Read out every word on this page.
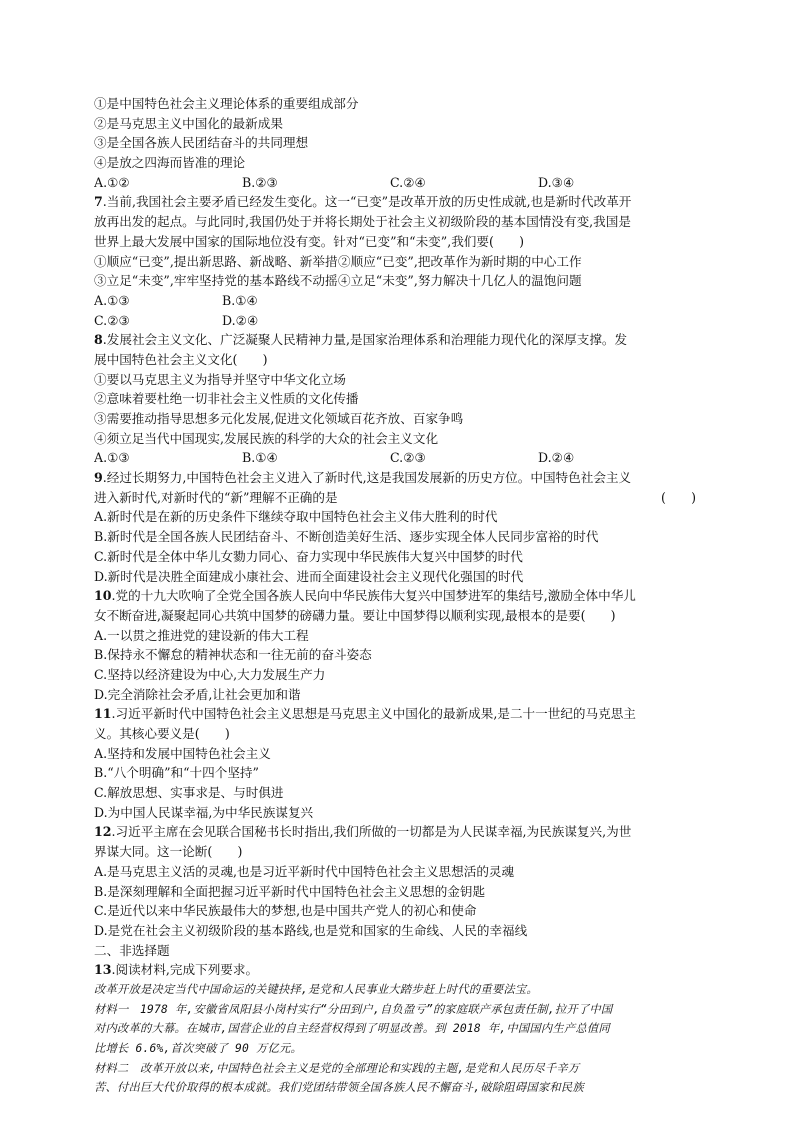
①是中国特色社会主义理论体系的重要组成部分
②是马克思主义中国化的最新成果
③是全国各族人民团结奋斗的共同理想
④是放之四海而皆准的理论
A.①②	B.②③	C.②④	D.③④
7.当前,我国社会主要矛盾已经发生变化。这一“已变”是改革开放的历史性成就,也是新时代改革开
放再出发的起点。与此同时,我国仍处于并将长期处于社会主义初级阶段的基本国情没有变,我国是
世界上最大发展中国家的国际地位没有变。针对“已变”和“未变”,我们要(　　)
①顺应“已变”,提出新思路、新战略、新举措 ②顺应“已变”,把改革作为新时期的中心工作
③立足“未变”,牢牢坚持党的基本路线不动摇 ④立足“未变”,努力解决十几亿人的温饱问题
A.①③	B.①④
C.②③	D.②④
8.发展社会主义文化、广泛凝聚人民精神力量,是国家治理体系和治理能力现代化的深厚支撑。发
展中国特色社会主义文化(　　)
①要以马克思主义为指导并坚守中华文化立场
②意味着要杜绝一切非社会主义性质的文化传播
③需要推动指导思想多元化发展,促进文化领域百花齐放、百家争鸣
④须立足当代中国现实,发展民族的科学的大众的社会主义文化
A.①③	B.①④	C.②③	D.②④
9.经过长期努力,中国特色社会主义进入了新时代,这是我国发展新的历史方位。中国特色社会主义
进入新时代,对新时代的“新”理解不正确的是	(　　)
A.新时代是在新的历史条件下继续夺取中国特色社会主义伟大胜利的时代
B.新时代是全国各族人民团结奋斗、不断创造美好生活、逐步实现全体人民同步富裕的时代
C.新时代是全体中华儿女勠力同心、奋力实现中华民族伟大复兴中国梦的时代
D.新时代是决胜全面建成小康社会、进而全面建设社会主义现代化强国的时代
10.党的十九大吹响了全党全国各族人民向中华民族伟大复兴中国梦进军的集结号,激励全体中华儿
女不断奋进,凝聚起同心共筑中国梦的磅礴力量。要让中国梦得以顺利实现,最根本的是要(　　)
A.一以贯之推进党的建设新的伟大工程
B.保持永不懈怠的精神状态和一往无前的奋斗姿态
C.坚持以经济建设为中心,大力发展生产力
D.完全消除社会矛盾,让社会更加和谐
11.习近平新时代中国特色社会主义思想是马克思主义中国化的最新成果,是二十一世纪的马克思主
义。其核心要义是(　　)
A.坚持和发展中国特色社会主义
B.“八个明确”和“十四个坚持”
C.解放思想、实事求是、与时俱进
D.为中国人民谋幸福,为中华民族谋复兴
12.习近平主席在会见联合国秘书长时指出,我们所做的一切都是为人民谋幸福,为民族谋复兴,为世
界谋大同。这一论断(　　)
A.是马克思主义活的灵魂,也是习近平新时代中国特色社会主义思想活的灵魂
B.是深刻理解和全面把握习近平新时代中国特色社会主义思想的金钥匙
C.是近代以来中华民族最伟大的梦想,也是中国共产党人的初心和使命
D.是党在社会主义初级阶段的基本路线,也是党和国家的生命线、人民的幸福线
二、非选择题
13.阅读材料,完成下列要求。
改革开放是决定当代中国命运的关键抉择,是党和人民事业大踏步赶上时代的重要法宝。
材料一　1978 年,安徽省凤阳县小岗村实行“分田到户,自负盈亏”的家庭联产承包责任制,拉开了中国
对内改革的大幕。在城市,国营企业的自主经营权得到了明显改善。到 2018 年,中国国内生产总值同
比增长 6.6%,首次突破了 90 万亿元。
材料二　改革开放以来,中国特色社会主义是党的全部理论和实践的主题,是党和人民历尽千辛万
苦、付出巨大代价取得的根本成就。我们党团结带领全国各族人民不懈奋斗,破除阻碍国家和民族
